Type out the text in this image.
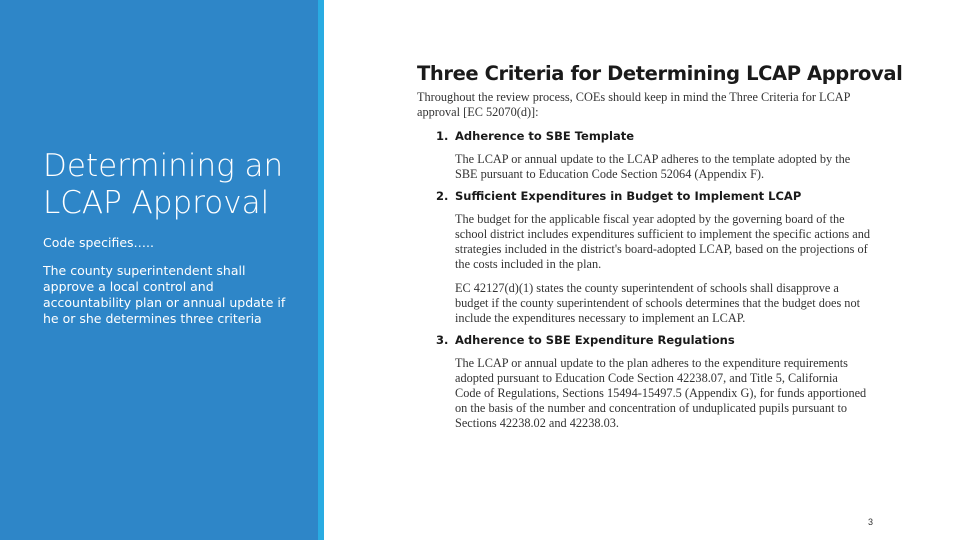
Determining an
LCAP Approval
Code specifies…..
The county superintendent shall
approve a local control and
accountability plan or annual update if
he or she determines three criteria
Three Criteria for Determining LCAP Approval
Throughout the review process, COEs should keep in mind the Three Criteria for LCAP
approval [EC 52070(d)]:
1. Adherence to SBE Template
The LCAP or annual update to the LCAP adheres to the template adopted by the
SBE pursuant to Education Code Section 52064 (Appendix F).
2. Sufficient Expenditures in Budget to Implement LCAP
The budget for the applicable fiscal year adopted by the governing board of the
school district includes expenditures sufficient to implement the specific actions and
strategies included in the district's board-adopted LCAP, based on the projections of
the costs included in the plan.
EC 42127(d)(1) states the county superintendent of schools shall disapprove a
budget if the county superintendent of schools determines that the budget does not
include the expenditures necessary to implement an LCAP.
3. Adherence to SBE Expenditure Regulations
The LCAP or annual update to the plan adheres to the expenditure requirements
adopted pursuant to Education Code Section 42238.07, and Title 5, California
Code of Regulations, Sections 15494-15497.5 (Appendix G), for funds apportioned
on the basis of the number and concentration of unduplicated pupils pursuant to
Sections 42238.02 and 42238.03.
3
